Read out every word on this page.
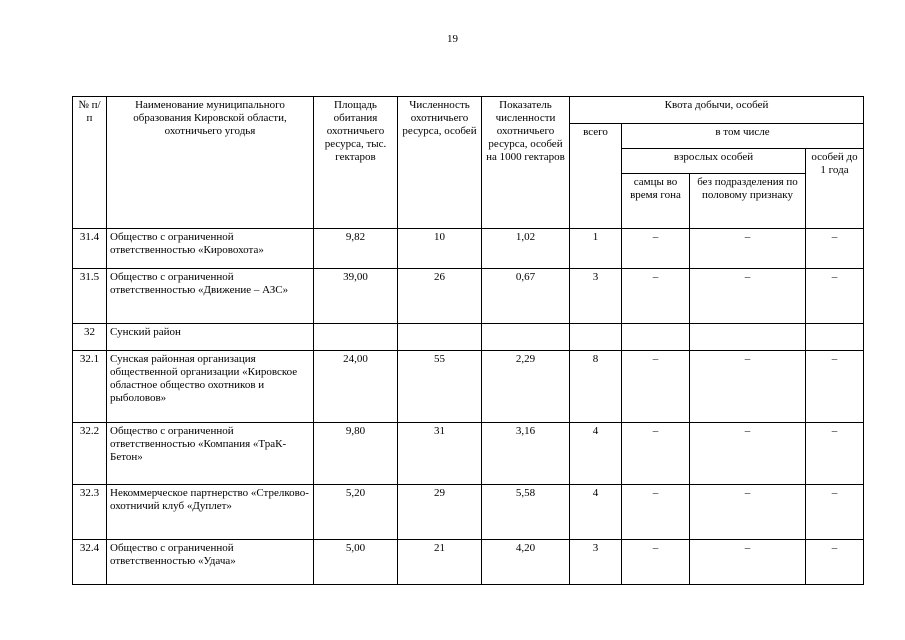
19
№ п/п	Наименование муниципального образования Кировской области, охотничьего угодья	Площадь обитания охотничьего ресурса, тыс. гектаров	Численность охотничьего ресурса, особей	Показатель численности охотничьего ресурса, особей на 1000 гектаров	Квота добычи, особей			
					всего	в том числе		
						взрослых особей		особей до 1 года
						самцы во время гона	без подразделения по половому признаку	
31.4	Общество с ограниченной ответственностью «Кировохота»	9,82	10	1,02	1	–	–	–
31.5	Общество с ограниченной ответственностью «Движение – АЗС»	39,00	26	0,67	3	–	–	–
32	Сунский район							
32.1	Сунская районная организация общественной организации «Кировское областное общество охотников и рыболовов»	24,00	55	2,29	8	–	–	–
32.2	Общество с ограниченной ответственностью «Компания «ТраК-Бетон»	9,80	31	3,16	4	–	–	–
32.3	Некоммерческое партнерство «Стрелково-охотничий клуб «Дуплет»	5,20	29	5,58	4	–	–	–
32.4	Общество с ограниченной ответственностью «Удача»	5,00	21	4,20	3	–	–	–
